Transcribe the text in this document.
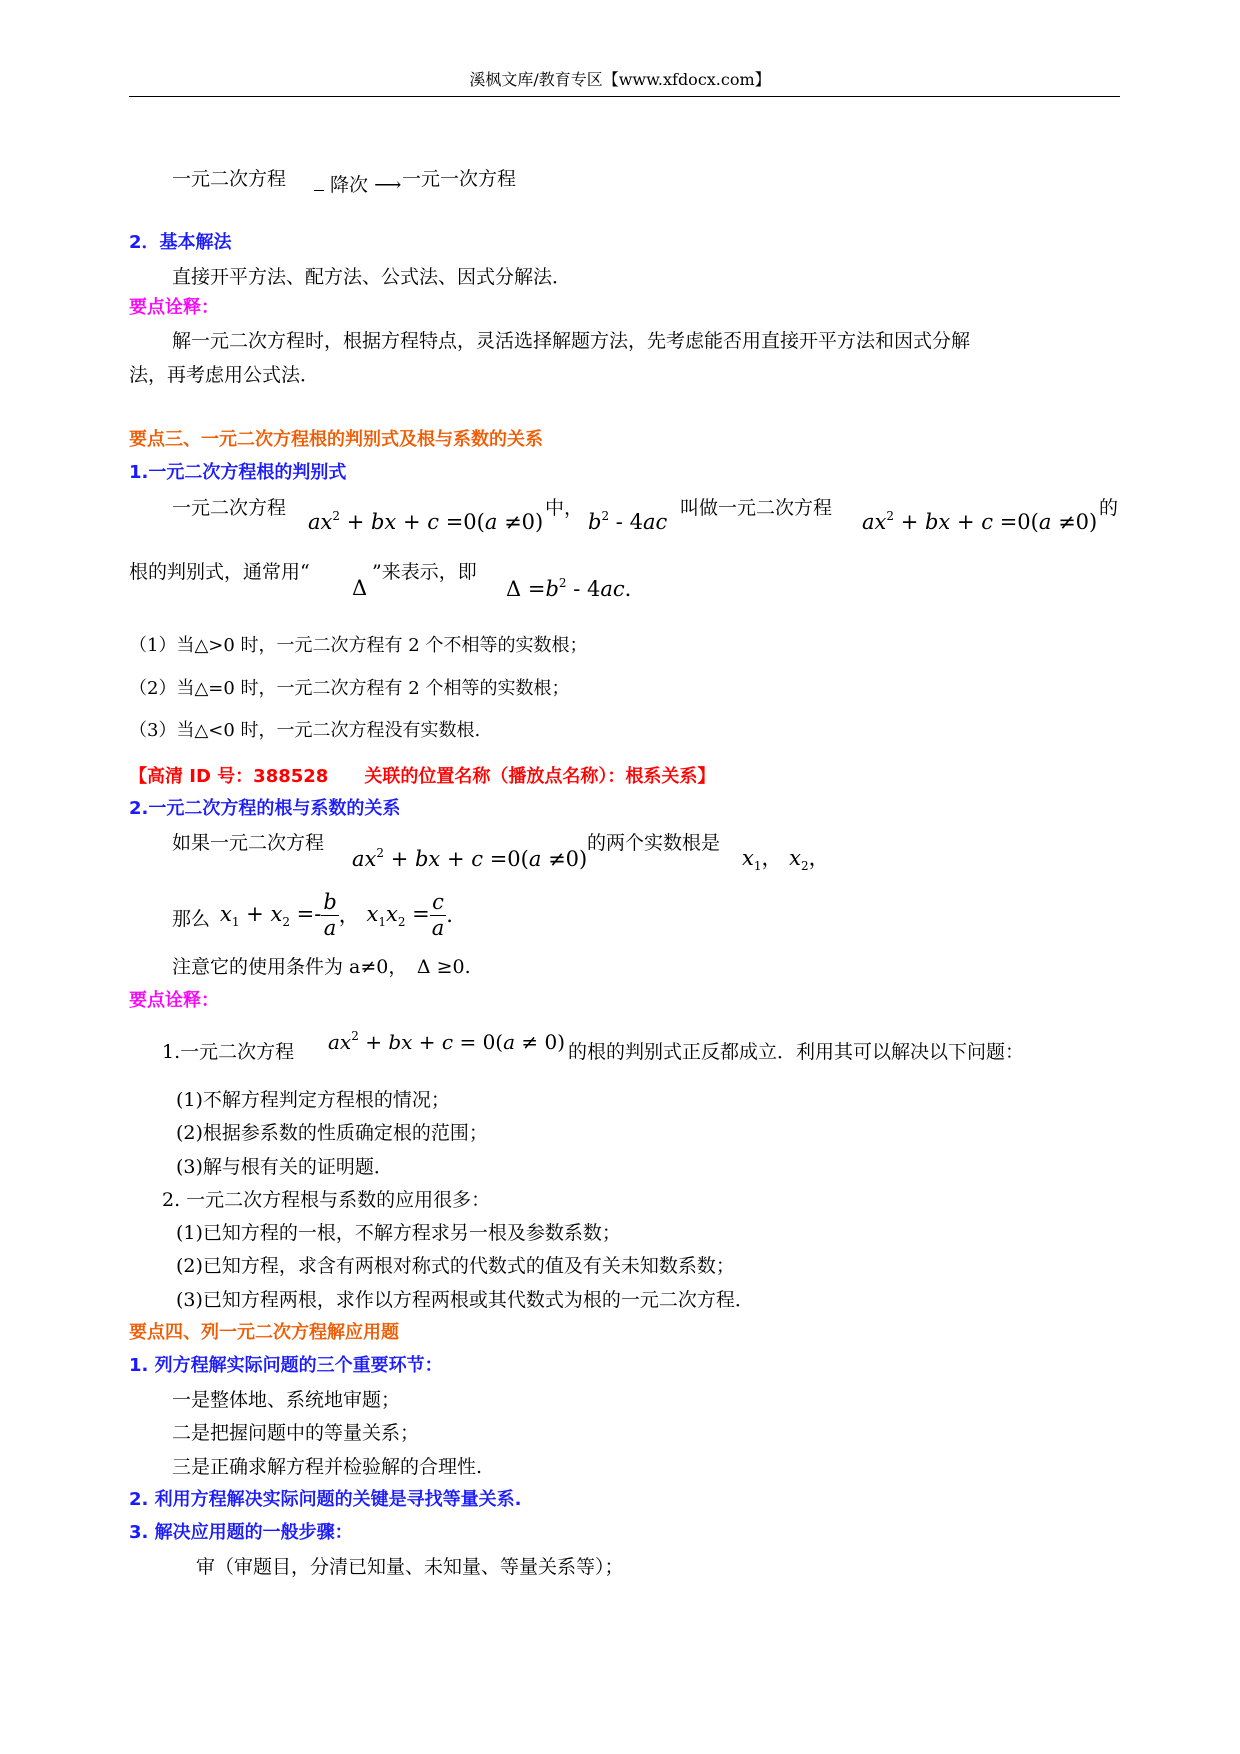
溪枫文库/教育专区【www.xfdocx.com】
一元二次方程	降次 ⟶ 一元一次方程
2．基本解法
直接开平方法、配方法、公式法、因式分解法．
要点诠释：
解一元二次方程时，根据方程特点，灵活选择解题方法，先考虑能否用直接开平方法和因式分解
法，再考虑用公式法．
要点三、一元二次方程根的判别式及根与系数的关系
1.一元二次方程根的判别式
一元二次方程
$ax^2$ + bx + c =0(a ≠0)
中，
$b^2 - 4ac$
叫做一元二次方程
$ax^2$ + bx + c =0(a ≠0)
的
根的判别式，通常用“
Δ
”来表示，即
$\Delta =b^2 - 4ac$.
（1）当△>0 时，一元二次方程有 2 个不相等的实数根；
（2）当△=0 时，一元二次方程有 2 个相等的实数根；
（3）当△<0 时，一元二次方程没有实数根.
【高清 ID 号：388528　　关联的位置名称（播放点名称）：根系关系】
2.一元二次方程的根与系数的关系
如果一元二次方程
$ax^2$ + bx + c =0(a ≠0)
的两个实数根是
$x_1$， $x_2$，
那么 $x_1 + x_2 =- \frac{b}{a}$ ， $x_1x_2 = \frac{c}{a}$ .
注意它的使用条件为 a≠0，　Δ ≥0.
要点诠释：
1.一元二次方程 $ax^2$ + bx + c = 0(a ≠ 0) 的根的判别式正反都成立．利用其可以解决以下问题：
(1)不解方程判定方程根的情况；
(2)根据参系数的性质确定根的范围；
(3)解与根有关的证明题．
2. 一元二次方程根与系数的应用很多：
(1)已知方程的一根，不解方程求另一根及参数系数；
(2)已知方程，求含有两根对称式的代数式的值及有关未知数系数；
(3)已知方程两根，求作以方程两根或其代数式为根的一元二次方程．
要点四、列一元二次方程解应用题
1. 列方程解实际问题的三个重要环节：
一是整体地、系统地审题；
二是把握问题中的等量关系；
三是正确求解方程并检验解的合理性.
2. 利用方程解决实际问题的关键是寻找等量关系.
3. 解决应用题的一般步骤：
审（审题目，分清已知量、未知量、等量关系等）；
